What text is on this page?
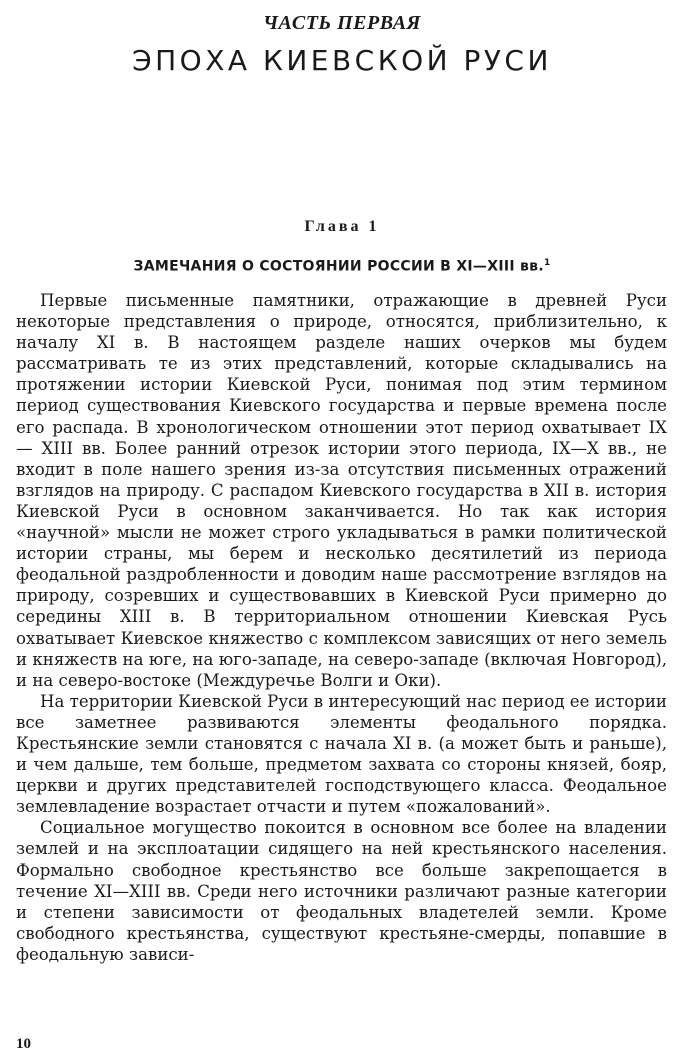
ЧАСТЬ ПЕРВАЯ
ЭПОХА КИЕВСКОЙ РУСИ
Глава 1
ЗАМЕЧАНИЯ О СОСТОЯНИИ РОССИИ В XI—XIII вв.$^1$

Первые письменные памятники, отражающие в древней Руси некоторые представления о природе, относятся, приблизительно, к началу XI в. В настоящем разделе наших очерков мы будем рассматривать те из этих представлений, которые складывались на протяжении истории Киевской Руси, понимая под этим термином период существования Киевского государства и первые времена после его распада. В хронологическом отношении этот период охватывает IX — XIII вв. Более ранний отрезок истории этого периода, IX—X вв., не входит в поле нашего зрения из-за отсутствия письменных отражений взглядов на природу. С распадом Киевского государства в XII в. история Киевской Руси в основном заканчивается. Но так как история «научной» мысли не может строго укладываться в рамки политической истории страны, мы берем и несколько десятилетий из периода феодальной раздробленности и доводим наше рассмотрение взглядов на природу, созревших и существовавших в Киевской Руси примерно до середины XIII в. В территориальном отношении Киевская Русь охватывает Киевское княжество с комплексом зависящих от него земель и княжеств на юге, на юго-западе, на северо-западе (включая Новгород), и на северо-востоке (Междуречье Волги и Оки).

На территории Киевской Руси в интересующий нас период ее истории все заметнее развиваются элементы феодального порядка. Крестьянские земли становятся с начала XI в. (а может быть и раньше), и чем дальше, тем больше, предметом захвата со стороны князей, бояр, церкви и других представителей господствующего класса. Феодальное землевладение возрастает отчасти и путем «пожалований».

Социальное могущество покоится в основном все более на владении землей и на эксплоатации сидящего на ней крестьянского населения. Формально свободное крестьянство все больше закрепощается в течение XI—XIII вв. Среди него источники различают разные категории и степени зависимости от феодальных владетелей земли. Кроме свободного крестьянства, существуют крестьяне-смерды, попавшие в феодальную зависи-

10
